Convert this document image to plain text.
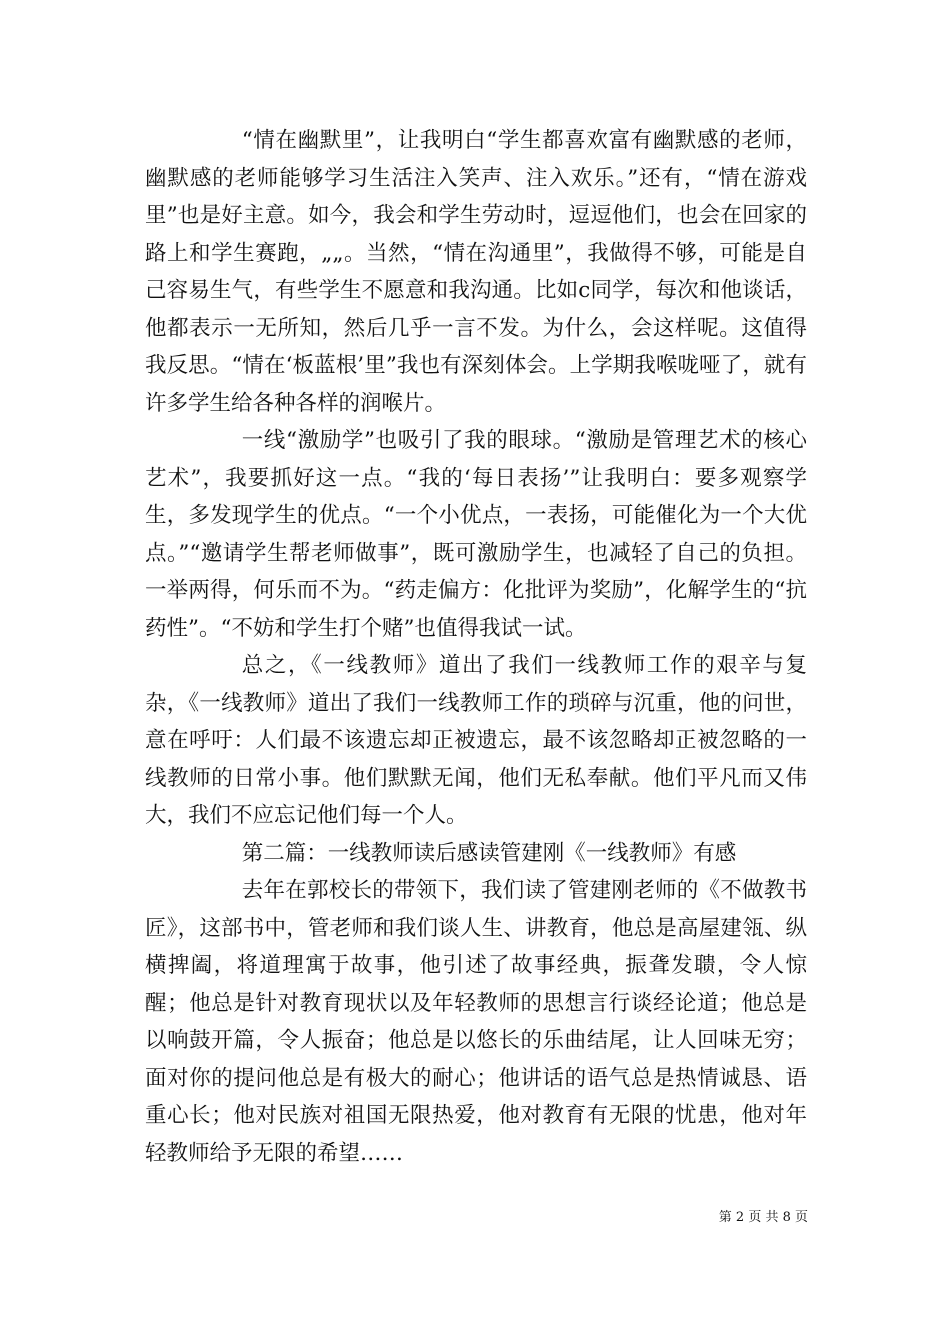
“情在幽默里”，让我明白“学生都喜欢富有幽默感的老师，幽默感的老师能够学习生活注入笑声、注入欢乐。”还有，“情在游戏里”也是好主意。如今，我会和学生劳动时，逗逗他们，也会在回家的路上和学生赛跑，„„。当然，“情在沟通里”，我做得不够，可能是自己容易生气，有些学生不愿意和我沟通。比如c同学，每次和他谈话，他都表示一无所知，然后几乎一言不发。为什么，会这样呢。这值得我反思。“情在‘板蓝根’里”我也有深刻体会。上学期我喉咙哑了，就有许多学生给各种各样的润喉片。

一线“激励学”也吸引了我的眼球。“激励是管理艺术的核心艺术”，我要抓好这一点。“我的‘每日表扬’”让我明白：要多观察学生，多发现学生的优点。“一个小优点，一表扬，可能催化为一个大优点。”“邀请学生帮老师做事”，既可激励学生，也减轻了自己的负担。一举两得，何乐而不为。“药走偏方：化批评为奖励”，化解学生的“抗药性”。“不妨和学生打个赌”也值得我试一试。

总之，《一线教师》道出了我们一线教师工作的艰辛与复杂，《一线教师》道出了我们一线教师工作的琐碎与沉重，他的问世，意在呼吁：人们最不该遗忘却正被遗忘，最不该忽略却正被忽略的一线教师的日常小事。他们默默无闻，他们无私奉献。他们平凡而又伟大，我们不应忘记他们每一个人。

第二篇：一线教师读后感读管建刚《一线教师》有感

去年在郭校长的带领下，我们读了管建刚老师的《不做教书匠》，这部书中，管老师和我们谈人生、讲教育，他总是高屋建瓴、纵横捭阖，将道理寓于故事，他引述了故事经典，振聋发聩，令人惊醒；他总是针对教育现状以及年轻教师的思想言行谈经论道；他总是以响鼓开篇，令人振奋；他总是以悠长的乐曲结尾，让人回味无穷；面对你的提问他总是有极大的耐心；他讲话的语气总是热情诚恳、语重心长；他对民族对祖国无限热爱，他对教育有无限的忧患，他对年轻教师给予无限的希望……

第 2 页 共 8 页
